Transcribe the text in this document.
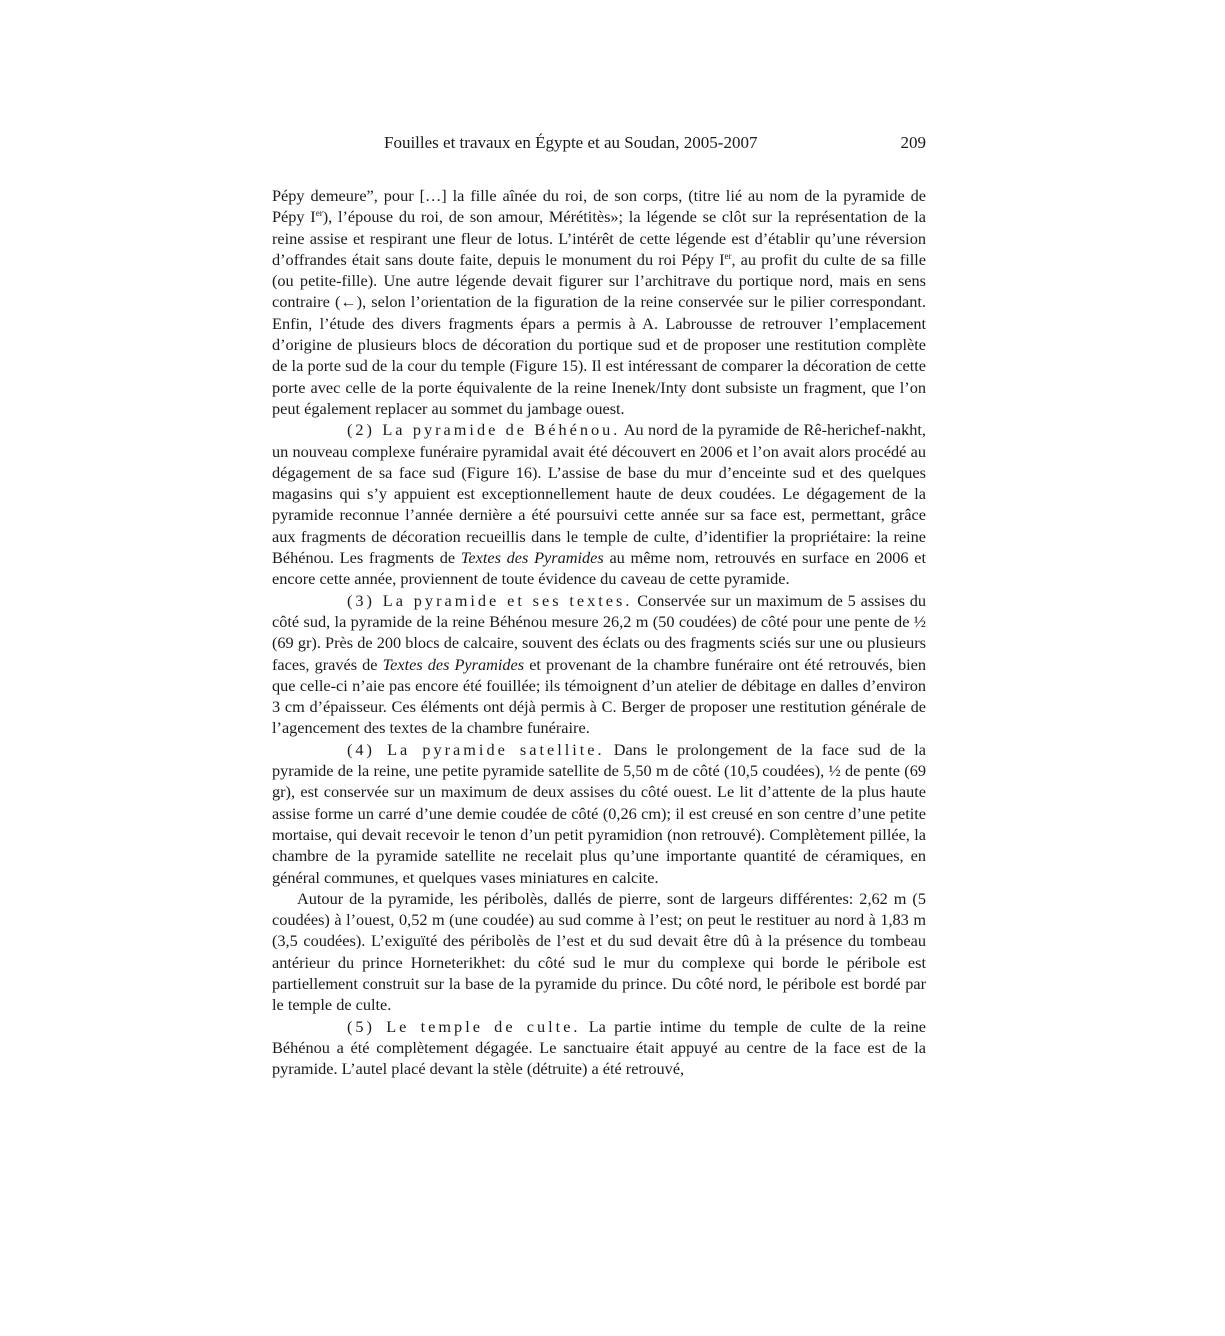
Fouilles et travaux en Égypte et au Soudan, 2005-2007	209

Pépy demeure”, pour […] la fille aînée du roi, de son corps, (titre lié au nom de la pyramide de Pépy Ier), l’épouse du roi, de son amour, Mérétitès»; la légende se clôt sur la représentation de la reine assise et respirant une fleur de lotus. L’intérêt de cette légende est d’établir qu’une réversion d’offrandes était sans doute faite, depuis le monument du roi Pépy Ier, au profit du culte de sa fille (ou petite-fille). Une autre légende devait figurer sur l’architrave du portique nord, mais en sens contraire (←), selon l’orientation de la figuration de la reine conservée sur le pilier correspondant. Enfin, l’étude des divers fragments épars a permis à A. Labrousse de retrouver l’emplacement d’origine de plusieurs blocs de décoration du portique sud et de proposer une restitution complète de la porte sud de la cour du temple (Figure 15). Il est intéressant de comparer la décoration de cette porte avec celle de la porte équivalente de la reine Inenek/Inty dont subsiste un fragment, que l’on peut également replacer au sommet du jambage ouest.

(2) La pyramide de Béhénou. Au nord de la pyramide de Rê-herichef-nakht, un nouveau complexe funéraire pyramidal avait été découvert en 2006 et l’on avait alors procédé au dégagement de sa face sud (Figure 16). L’assise de base du mur d’enceinte sud et des quelques magasins qui s’y appuient est exceptionnellement haute de deux coudées. Le dégagement de la pyramide reconnue l’année dernière a été poursuivi cette année sur sa face est, permettant, grâce aux fragments de décoration recueillis dans le temple de culte, d’identifier la propriétaire: la reine Béhénou. Les fragments de Textes des Pyramides au même nom, retrouvés en surface en 2006 et encore cette année, proviennent de toute évidence du caveau de cette pyramide.

(3) La pyramide et ses textes. Conservée sur un maximum de 5 assises du côté sud, la pyramide de la reine Béhénou mesure 26,2 m (50 coudées) de côté pour une pente de ½ (69 gr). Près de 200 blocs de calcaire, souvent des éclats ou des fragments sciés sur une ou plusieurs faces, gravés de Textes des Pyramides et provenant de la chambre funéraire ont été retrouvés, bien que celle-ci n’aie pas encore été fouillée; ils témoignent d’un atelier de débitage en dalles d’environ 3 cm d’épaisseur. Ces éléments ont déjà permis à C. Berger de proposer une restitution générale de l’agencement des textes de la chambre funéraire.

(4) La pyramide satellite. Dans le prolongement de la face sud de la pyramide de la reine, une petite pyramide satellite de 5,50 m de côté (10,5 coudées), ½ de pente (69 gr), est conservée sur un maximum de deux assises du côté ouest. Le lit d’attente de la plus haute assise forme un carré d’une demie coudée de côté (0,26 cm); il est creusé en son centre d’une petite mortaise, qui devait recevoir le tenon d’un petit pyramidion (non retrouvé). Complètement pillée, la chambre de la pyramide satellite ne recelait plus qu’une importante quantité de céramiques, en général communes, et quelques vases miniatures en calcite.

Autour de la pyramide, les péribolès, dallés de pierre, sont de largeurs différentes: 2,62 m (5 coudées) à l’ouest, 0,52 m (une coudée) au sud comme à l’est; on peut le restituer au nord à 1,83 m (3,5 coudées). L’exiguïté des péribolès de l’est et du sud devait être dû à la présence du tombeau antérieur du prince Horneterikhet: du côté sud le mur du complexe qui borde le péribole est partiellement construit sur la base de la pyramide du prince. Du côté nord, le péribole est bordé par le temple de culte.

(5) Le temple de culte. La partie intime du temple de culte de la reine Béhénou a été complètement dégagée. Le sanctuaire était appuyé au centre de la face est de la pyramide. L’autel placé devant la stèle (détruite) a été retrouvé,
